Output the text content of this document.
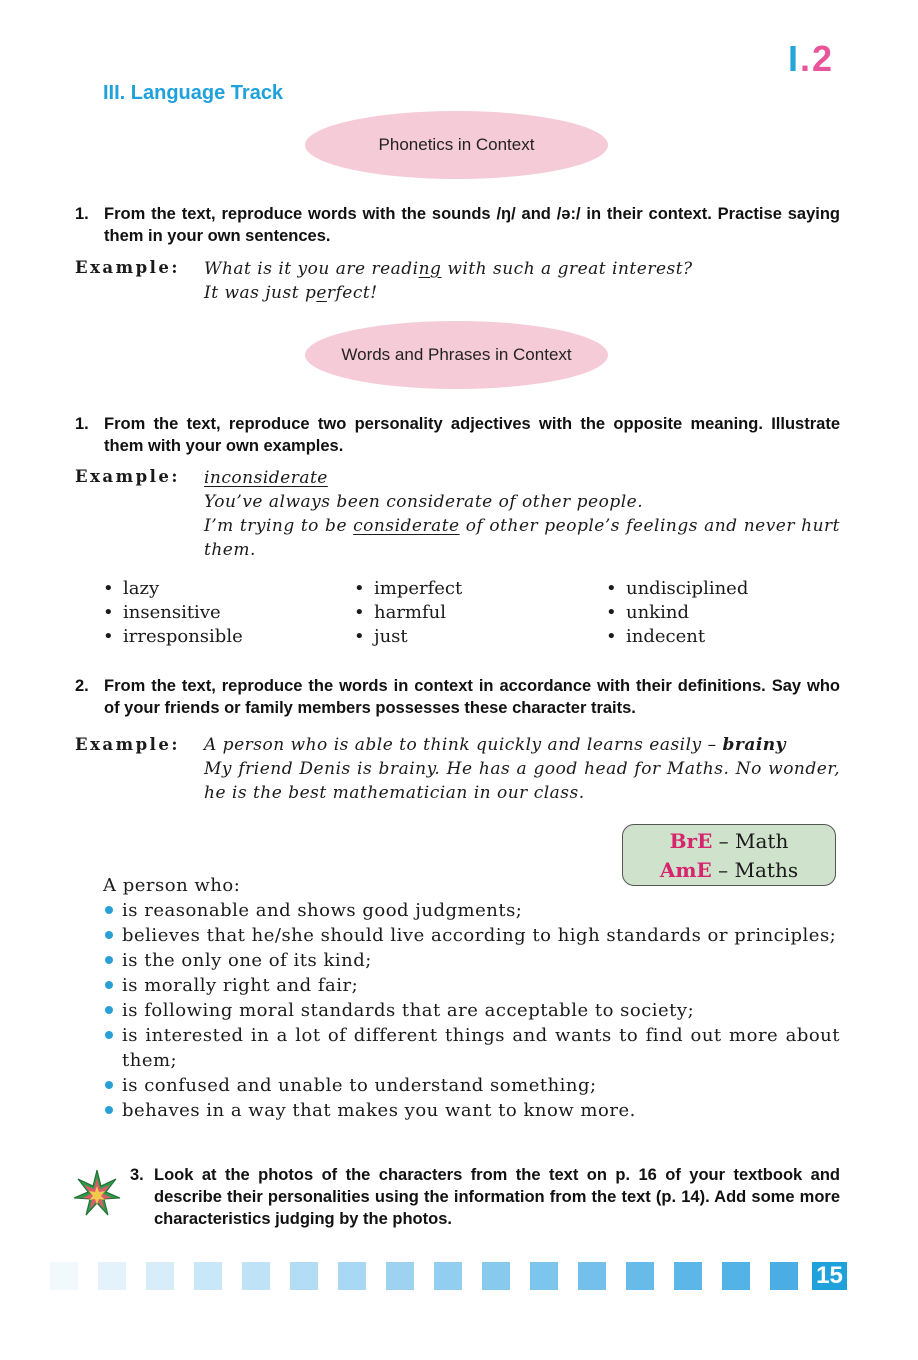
I.2
III. Language Track
Phonetics in Context
1. From the text, reproduce words with the sounds /ŋ/ and /ə:/ in their context. Practise saying them in your own sentences.
Example: What is it you are reading with such a great interest?
It was just perfect!
Words and Phrases in Context
1. From the text, reproduce two personality adjectives with the opposite meaning. Illustrate them with your own examples.
Example: inconsiderate
You’ve always been considerate of other people.
I’m trying to be considerate of other people’s feelings and never hurt them.
• lazy
• insensitive
• irresponsible
• imperfect
• harmful
• just
• undisciplined
• unkind
• indecent
2. From the text, reproduce the words in context in accordance with their definitions. Say who of your friends or family members possesses these character traits.
Example: A person who is able to think quickly and learns easily – brainy
My friend Denis is brainy. He has a good head for Maths. No wonder, he is the best mathematician in our class.
BrE – Math
AmE – Maths
A person who:
is reasonable and shows good judgments;
believes that he/she should live according to high standards or principles;
is the only one of its kind;
is morally right and fair;
is following moral standards that are acceptable to society;
is interested in a lot of different things and wants to find out more about them;
is confused and unable to understand something;
behaves in a way that makes you want to know more.
3. Look at the photos of the characters from the text on p. 16 of your textbook and describe their personalities using the information from the text (p. 14). Add some more characteristics judging by the photos.
15
